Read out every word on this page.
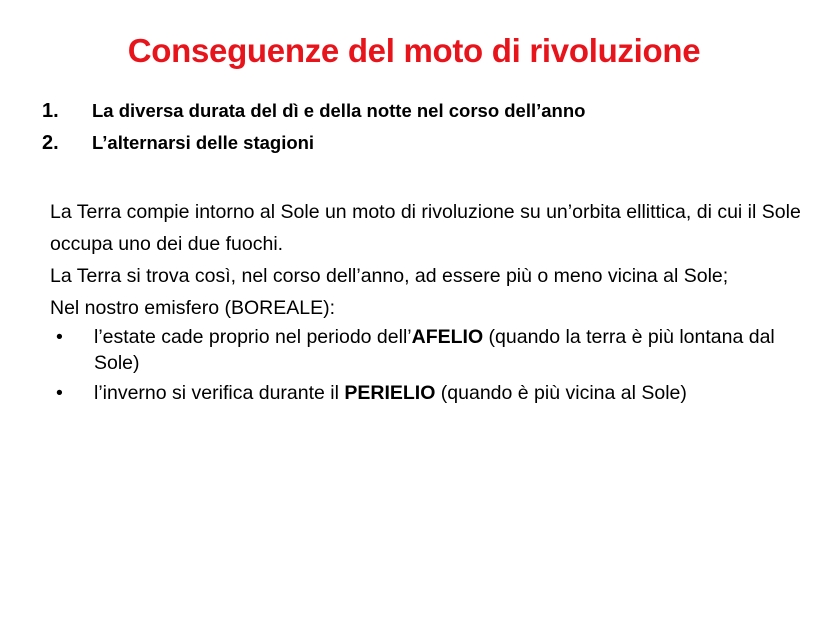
Conseguenze del moto di rivoluzione
1.	La diversa durata del dì e della notte nel corso dell’anno
2.	L’alternarsi delle stagioni

La Terra compie intorno al Sole un moto di rivoluzione su un’orbita ellittica, di cui il Sole occupa uno dei due fuochi.

La Terra si trova così, nel corso dell’anno, ad essere più o meno vicina al Sole;

Nel nostro emisfero (BOREALE):

•	l’estate cade proprio nel periodo dell’AFELIO (quando la terra è più lontana dal Sole)
•	l’inverno si verifica durante il PERIELIO (quando è più vicina al Sole)
